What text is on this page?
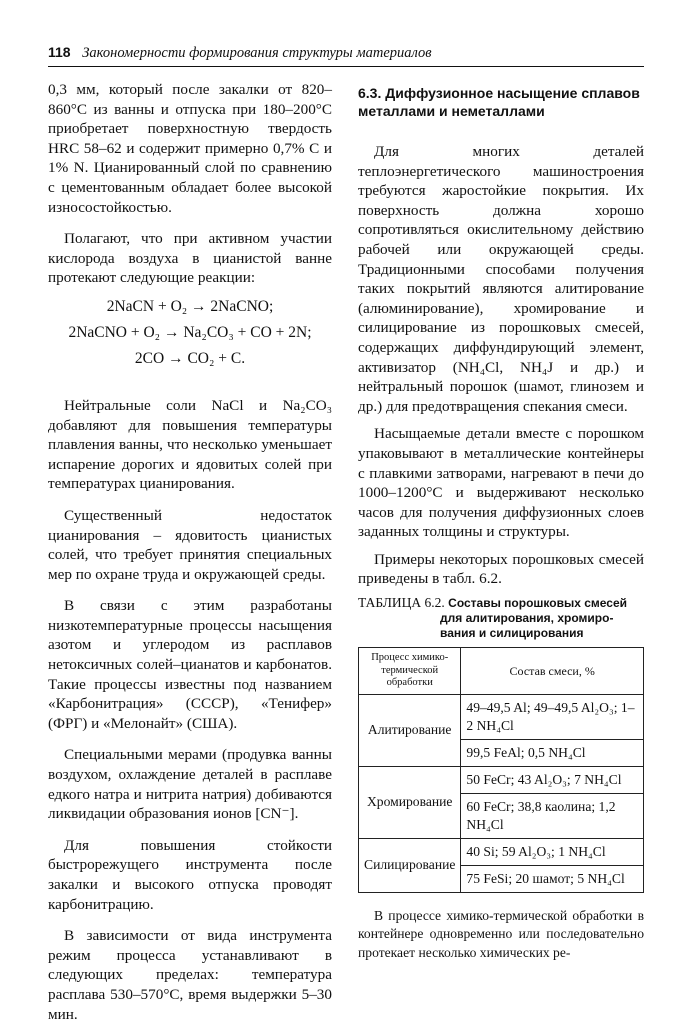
118 Закономерности формирования структуры материалов

0,3 мм, который после закалки от 820–860°С из ванны и отпуска при 180–200°С приобретает поверхностную твердость HRC 58–62 и содержит примерно 0,7% С и 1% N. Цианированный слой по сравнению с цементованным обладает более высокой износостойкостью.

Полагают, что при активном участии кислорода воздуха в цианистой ванне протекают следующие реакции:

2NaCN + O₂ → 2NaCNO;
2NaCNO + O₂ → Na₂CO₃ + CO + 2N;
2CO → CO₂ + C.

Нейтральные соли NaCl и Na₂CO₃ добавляют для повышения температуры плавления ванны, что несколько уменьшает испарение дорогих и ядовитых солей при температурах цианирования.

Существенный недостаток цианирования – ядовитость цианистых солей, что требует принятия специальных мер по охране труда и окружающей среды.

В связи с этим разработаны низкотемпературные процессы насыщения азотом и углеродом из расплавов нетоксичных солей–цианатов и карбонатов. Такие процессы известны под названием «Карбонитрация» (СССР), «Тенифер» (ФРГ) и «Мелонайт» (США).

Специальными мерами (продувка ванны воздухом, охлаждение деталей в расплаве едкого натра и нитрита натрия) добиваются ликвидации образования ионов [CN⁻].

Для повышения стойкости быстрорежущего инструмента после закалки и высокого отпуска проводят карбонитрацию.

В зависимости от вида инструмента режим процесса устанавливают в следующих пределах: температура расплава 530–570°С, время выдержки 5–30 мин.

6.3. Диффузионное насыщение сплавов металлами и неметаллами

Для многих деталей теплоэнергетического машиностроения требуются жаростойкие покрытия. Их поверхность должна хорошо сопротивляться окислительному действию рабочей или окружающей среды. Традиционными способами получения таких покрытий являются алитирование (алюминирование), хромирование и силицирование из порошковых смесей, содержащих диффундирующий элемент, активизатор (NH₄Cl, NH₄J и др.) и нейтральный порошок (шамот, глинозем и др.) для предотвращения спекания смеси.

Насыщаемые детали вместе с порошком упаковывают в металлические контейнеры с плавкими затворами, нагревают в печи до 1000–1200°С и выдерживают несколько часов для получения диффузионных слоев заданных толщины и структуры.

Примеры некоторых порошковых смесей приведены в табл. 6.2.

ТАБЛИЦА 6.2. Составы порошковых смесей
для алитирования, хромиро-
вания и силицирования
Процесс химико-термической обработки	Состав смеси, %
Алитирование	49–49,5 Al; 49–49,5 Al₂O₃; 1–2 NH₄Cl
	99,5 FeAl; 0,5 NH₄Cl
Хромирование	50 FeCr; 43 Al₂O₃; 7 NH₄Cl
	60 FeCr; 38,8 каолина; 1,2 NH₄Cl
Силицирование	40 Si; 59 Al₂O₃; 1 NH₄Cl
	75 FeSi; 20 шамот; 5 NH₄Cl

В процессе химико-термической обработки в контейнере одновременно или последовательно протекает несколько химических ре-
